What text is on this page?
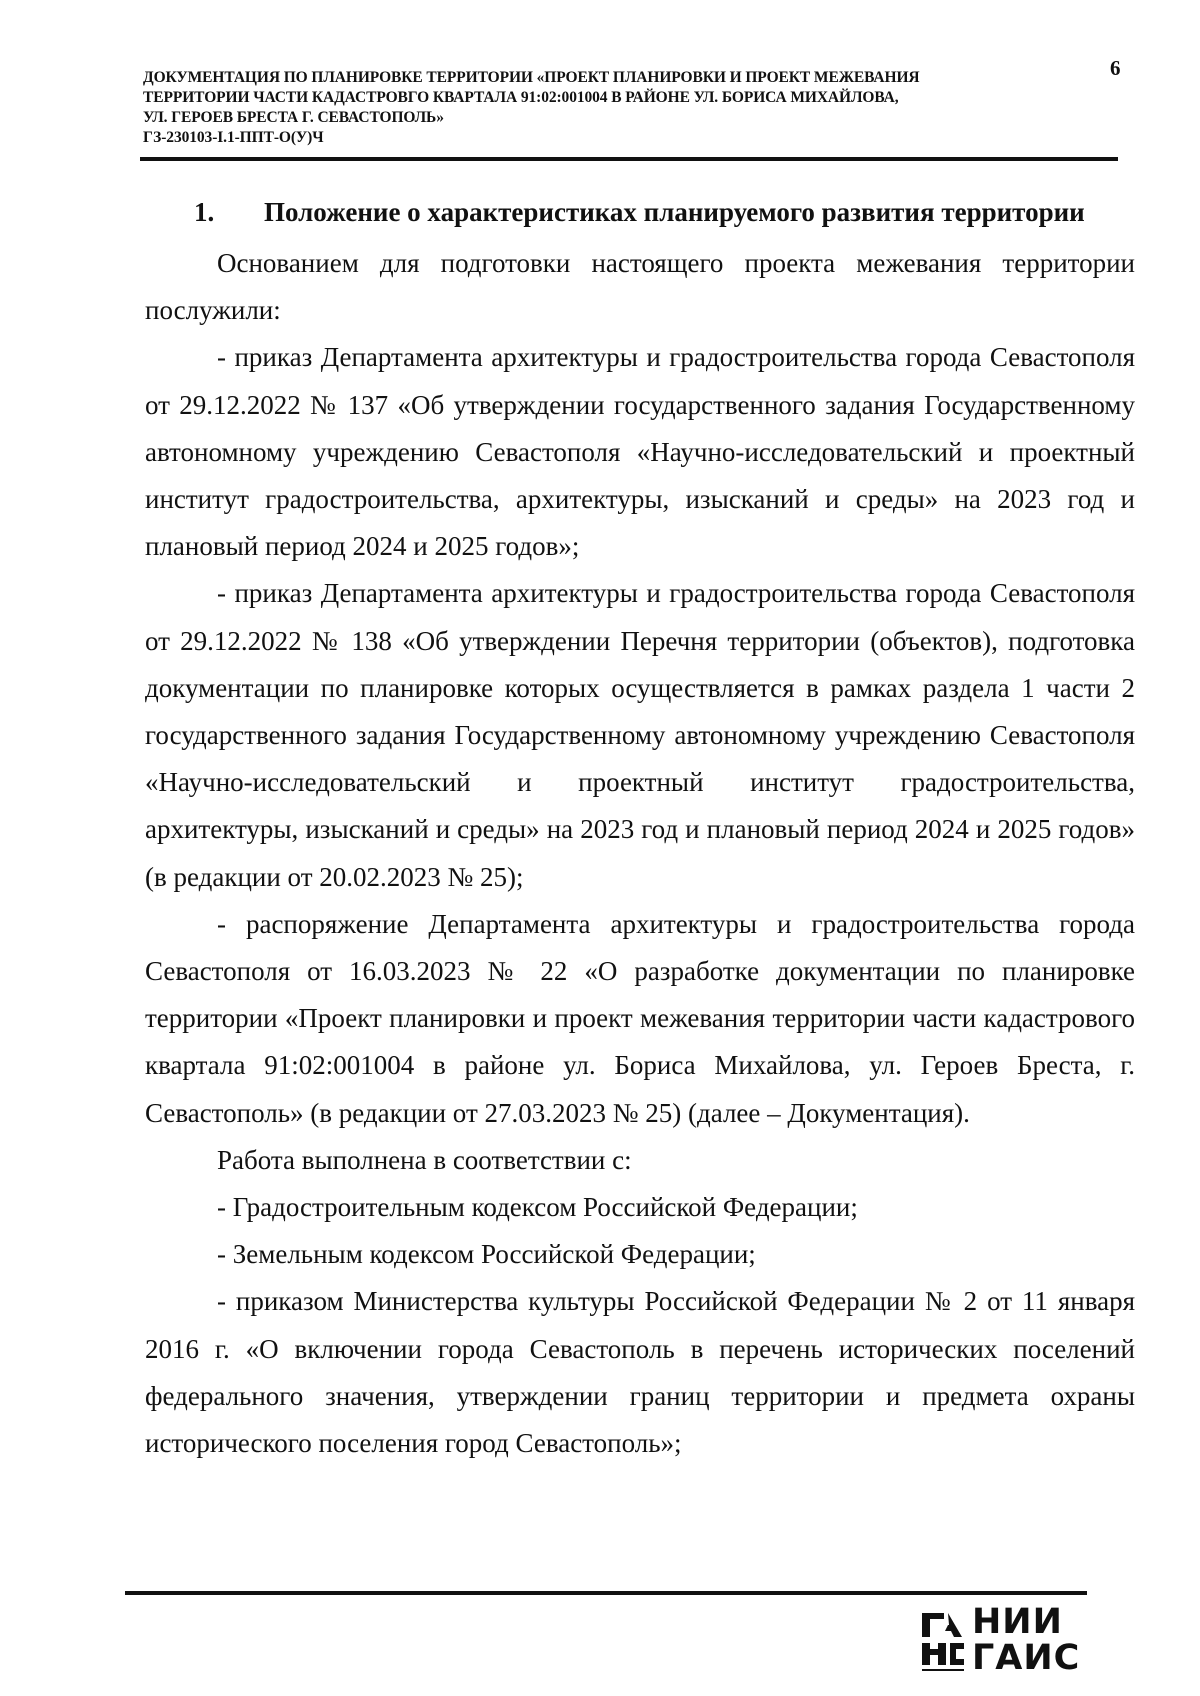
6
ДОКУМЕНТАЦИЯ ПО ПЛАНИРОВКЕ ТЕРРИТОРИИ «ПРОЕКТ ПЛАНИРОВКИ И ПРОЕКТ МЕЖЕВАНИЯ
ТЕРРИТОРИИ ЧАСТИ КАДАСТРОВГО КВАРТАЛА 91:02:001004 В РАЙОНЕ УЛ. БОРИСА МИХАЙЛОВА,
УЛ. ГЕРОЕВ БРЕСТА Г. СЕВАСТОПОЛЬ»
ГЗ-230103-I.1-ППТ-О(У)Ч
1. Положение о характеристиках планируемого развития территории

Основанием для подготовки настоящего проекта межевания территории послужили:

- приказ Департамента архитектуры и градостроительства города Севастополя от 29.12.2022 № 137 «Об утверждении государственного задания Государственному автономному учреждению Севастополя «Научно-исследовательский и проектный институт градостроительства, архитектуры, изысканий и среды» на 2023 год и плановый период 2024 и 2025 годов»;

- приказ Департамента архитектуры и градостроительства города Севастополя от 29.12.2022 № 138 «Об утверждении Перечня территории (объектов), подготовка документации по планировке которых осуществляется в рамках раздела 1 части 2 государственного задания Государственному автономному учреждению Севастополя «Научно-исследовательский и проектный институт градостроительства, архитектуры, изысканий и среды» на 2023 год и плановый период 2024 и 2025 годов» (в редакции от 20.02.2023 № 25);

- распоряжение Департамента архитектуры и градостроительства города Севастополя от 16.03.2023 № 22 «О разработке документации по планировке территории «Проект планировки и проект межевания территории части кадастрового квартала 91:02:001004 в районе ул. Бориса Михайлова, ул. Героев Бреста, г. Севастополь» (в редакции от 27.03.2023 № 25) (далее – Документация).

Работа выполнена в соответствии с:

- Градостроительным кодексом Российской Федерации;

- Земельным кодексом Российской Федерации;

- приказом Министерства культуры Российской Федерации № 2 от 11 января 2016 г. «О включении города Севастополь в перечень исторических поселений федерального значения, утверждении границ территории и предмета охраны исторического поселения город Севастополь»;

НИИ
ГАИС
